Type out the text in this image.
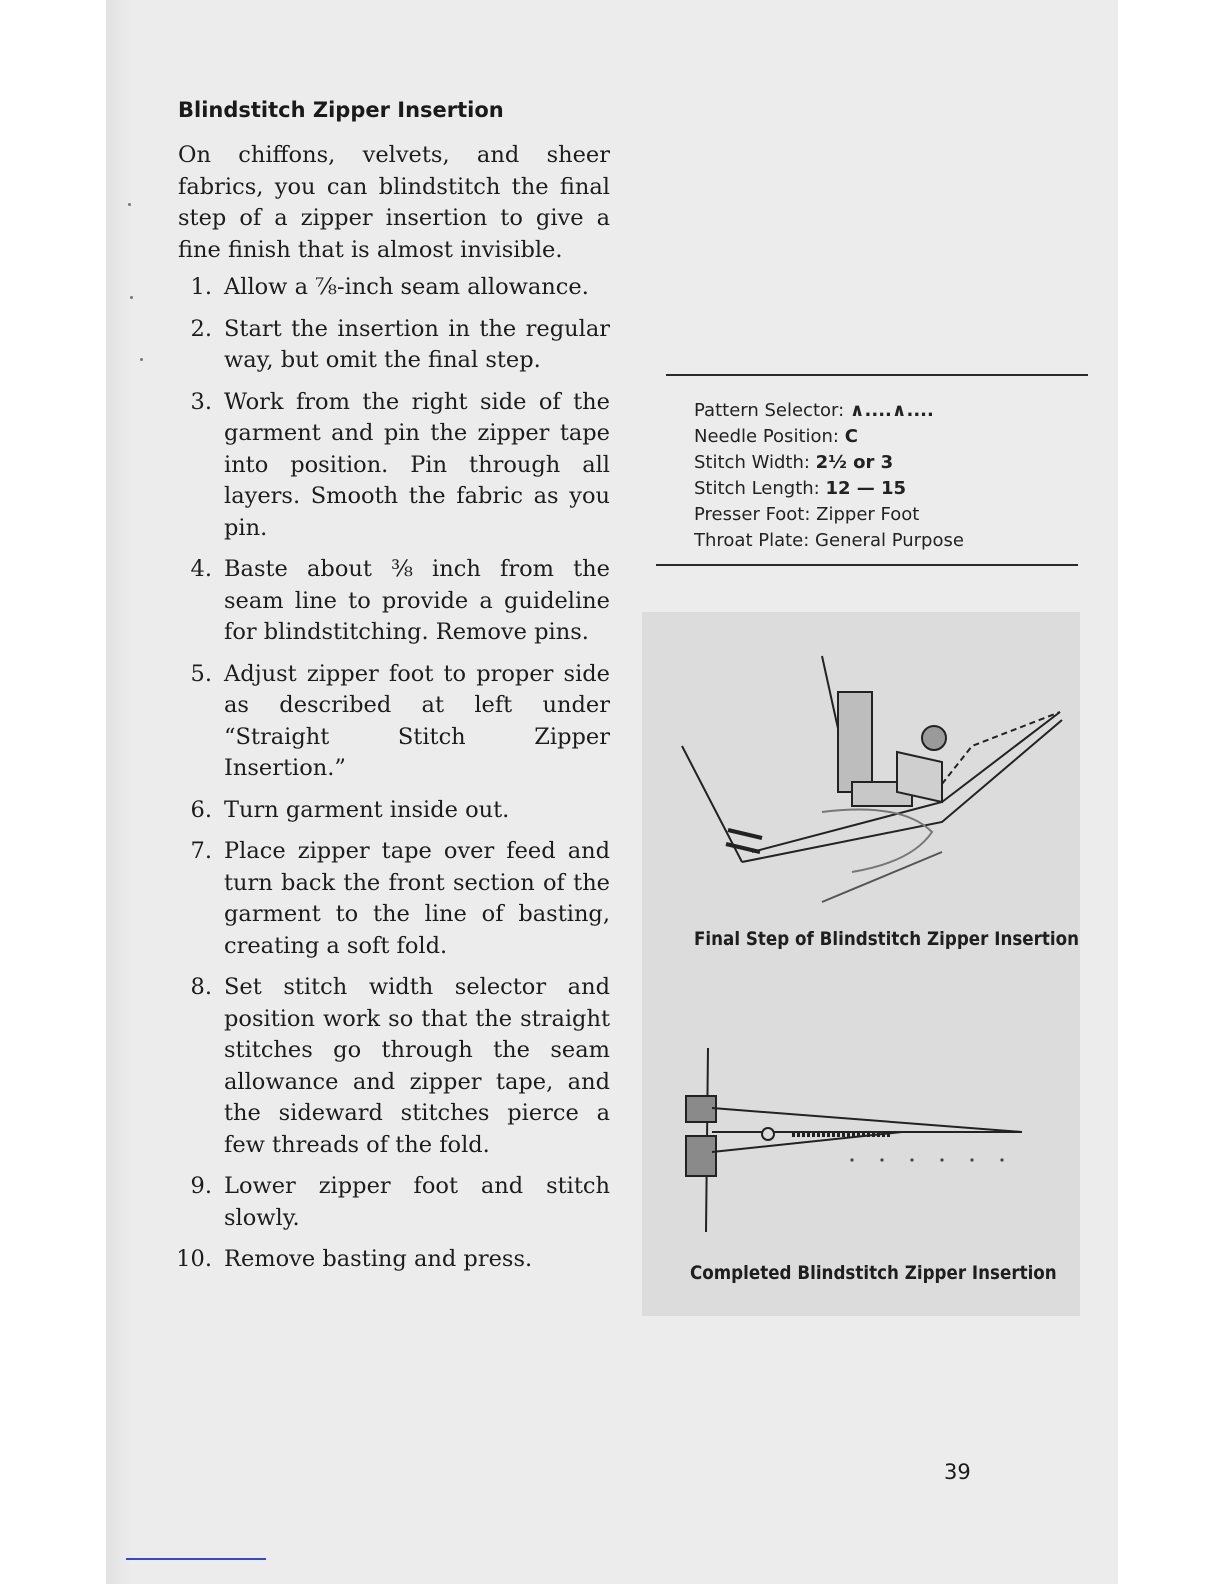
Blindstitch Zipper Insertion

On chiffons, velvets, and sheer fabrics, you can blindstitch the final step of a zipper insertion to give a fine finish that is almost invisible.

1. Allow a ⅞-inch seam allowance.
2. Start the insertion in the regular way, but omit the final step.
3. Work from the right side of the garment and pin the zipper tape into position. Pin through all layers. Smooth the fabric as you pin.
4. Baste about ⅜ inch from the seam line to provide a guideline for blindstitching. Remove pins.
5. Adjust zipper foot to proper side as described at left under “Straight Stitch Zipper Insertion.”
6. Turn garment inside out.
7. Place zipper tape over feed and turn back the front section of the garment to the line of basting, creating a soft fold.
8. Set stitch width selector and position work so that the straight stitches go through the seam allowance and zipper tape, and the sideward stitches pierce a few threads of the fold.
9. Lower zipper foot and stitch slowly.
10. Remove basting and press.
Pattern Selector: ∧....∧....
Needle Position: C
Stitch Width: 2½ or 3
Stitch Length: 12 — 15
Presser Foot: Zipper Foot
Throat Plate: General Purpose
Final Step of Blindstitch Zipper Insertion
Completed Blindstitch Zipper Insertion
39
